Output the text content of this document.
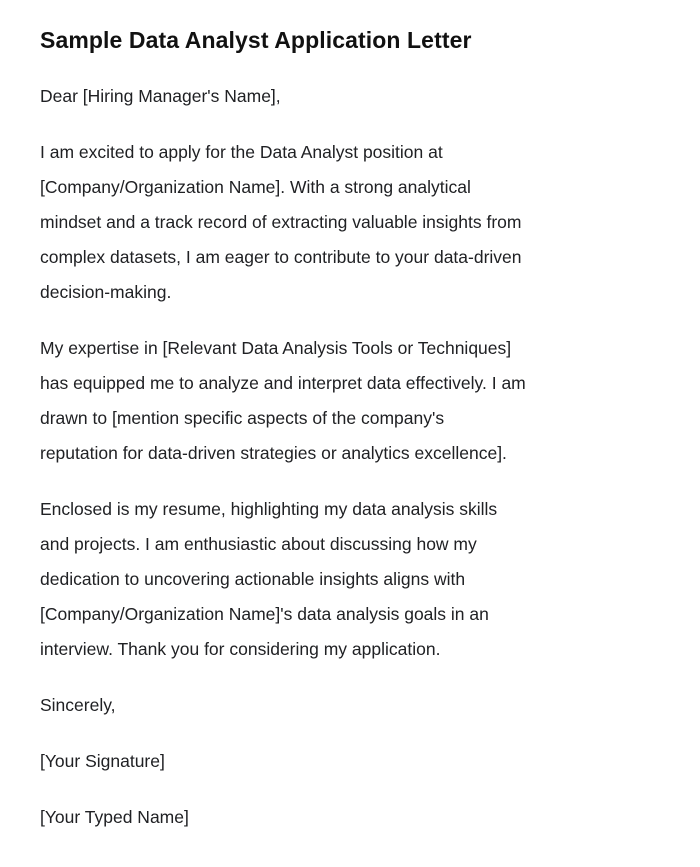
Sample Data Analyst Application Letter

Dear [Hiring Manager's Name],

I am excited to apply for the Data Analyst position at
[Company/Organization Name]. With a strong analytical
mindset and a track record of extracting valuable insights from
complex datasets, I am eager to contribute to your data-driven
decision-making.

My expertise in [Relevant Data Analysis Tools or Techniques]
has equipped me to analyze and interpret data effectively. I am
drawn to [mention specific aspects of the company's
reputation for data-driven strategies or analytics excellence].

Enclosed is my resume, highlighting my data analysis skills
and projects. I am enthusiastic about discussing how my
dedication to uncovering actionable insights aligns with
[Company/Organization Name]'s data analysis goals in an
interview. Thank you for considering my application.

Sincerely,

[Your Signature]

[Your Typed Name]
